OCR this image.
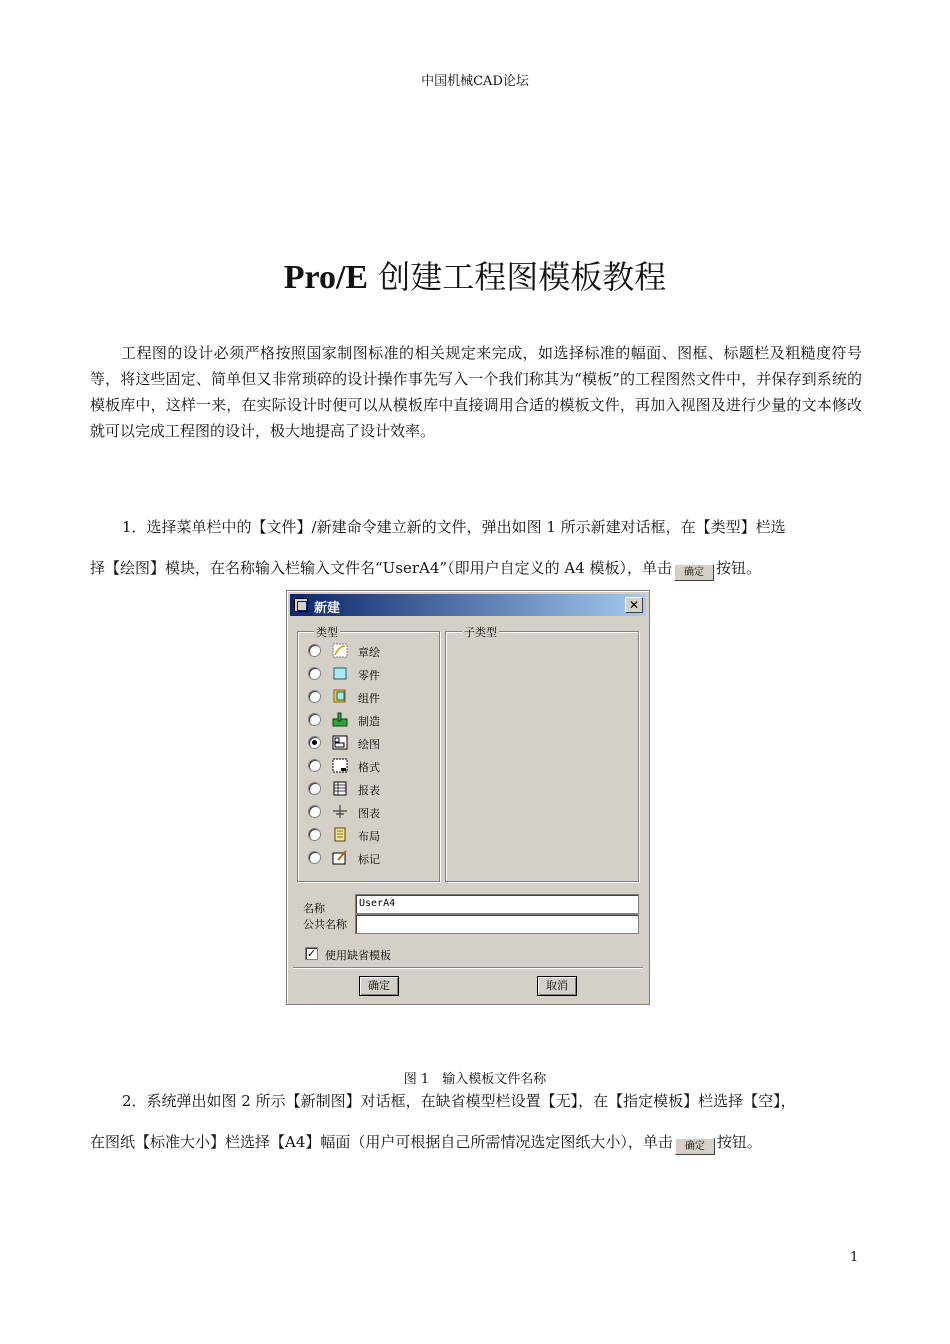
中国机械CAD论坛
Pro/E 创建工程图模板教程

工程图的设计必须严格按照国家制图标准的相关规定来完成，如选择标准的幅面、图框、标题栏及粗糙度符号等，将这些固定、简单但又非常琐碎的设计操作事先写入一个我们称其为“模板”的工程图然文件中，并保存到系统的模板库中，这样一来，在实际设计时便可以从模板库中直接调用合适的模板文件，再加入视图及进行少量的文本修改就可以完成工程图的设计，极大地提高了设计效率。

1．选择菜单栏中的【文件】/新建命令建立新的文件，弹出如图 1 所示新建对话框，在【类型】栏选
择【绘图】模块，在名称输入栏输入文件名“UserA4”（即用户自定义的 A4 模板），单击 确定 按钮。
新建	✕
类型
章绘
零件
组件
制造
绘图
格式
报表
图表
布局
标记
子类型
名称	UserA4
公共名称
✓ 使用缺省模板
确定	取消
图 1　输入模板文件名称
2．系统弹出如图 2 所示【新制图】对话框，在缺省模型栏设置【无】，在【指定模板】栏选择【空】，
在图纸【标准大小】栏选择【A4】幅面（用户可根据自己所需情况选定图纸大小），单击 确定 按钮。
1
